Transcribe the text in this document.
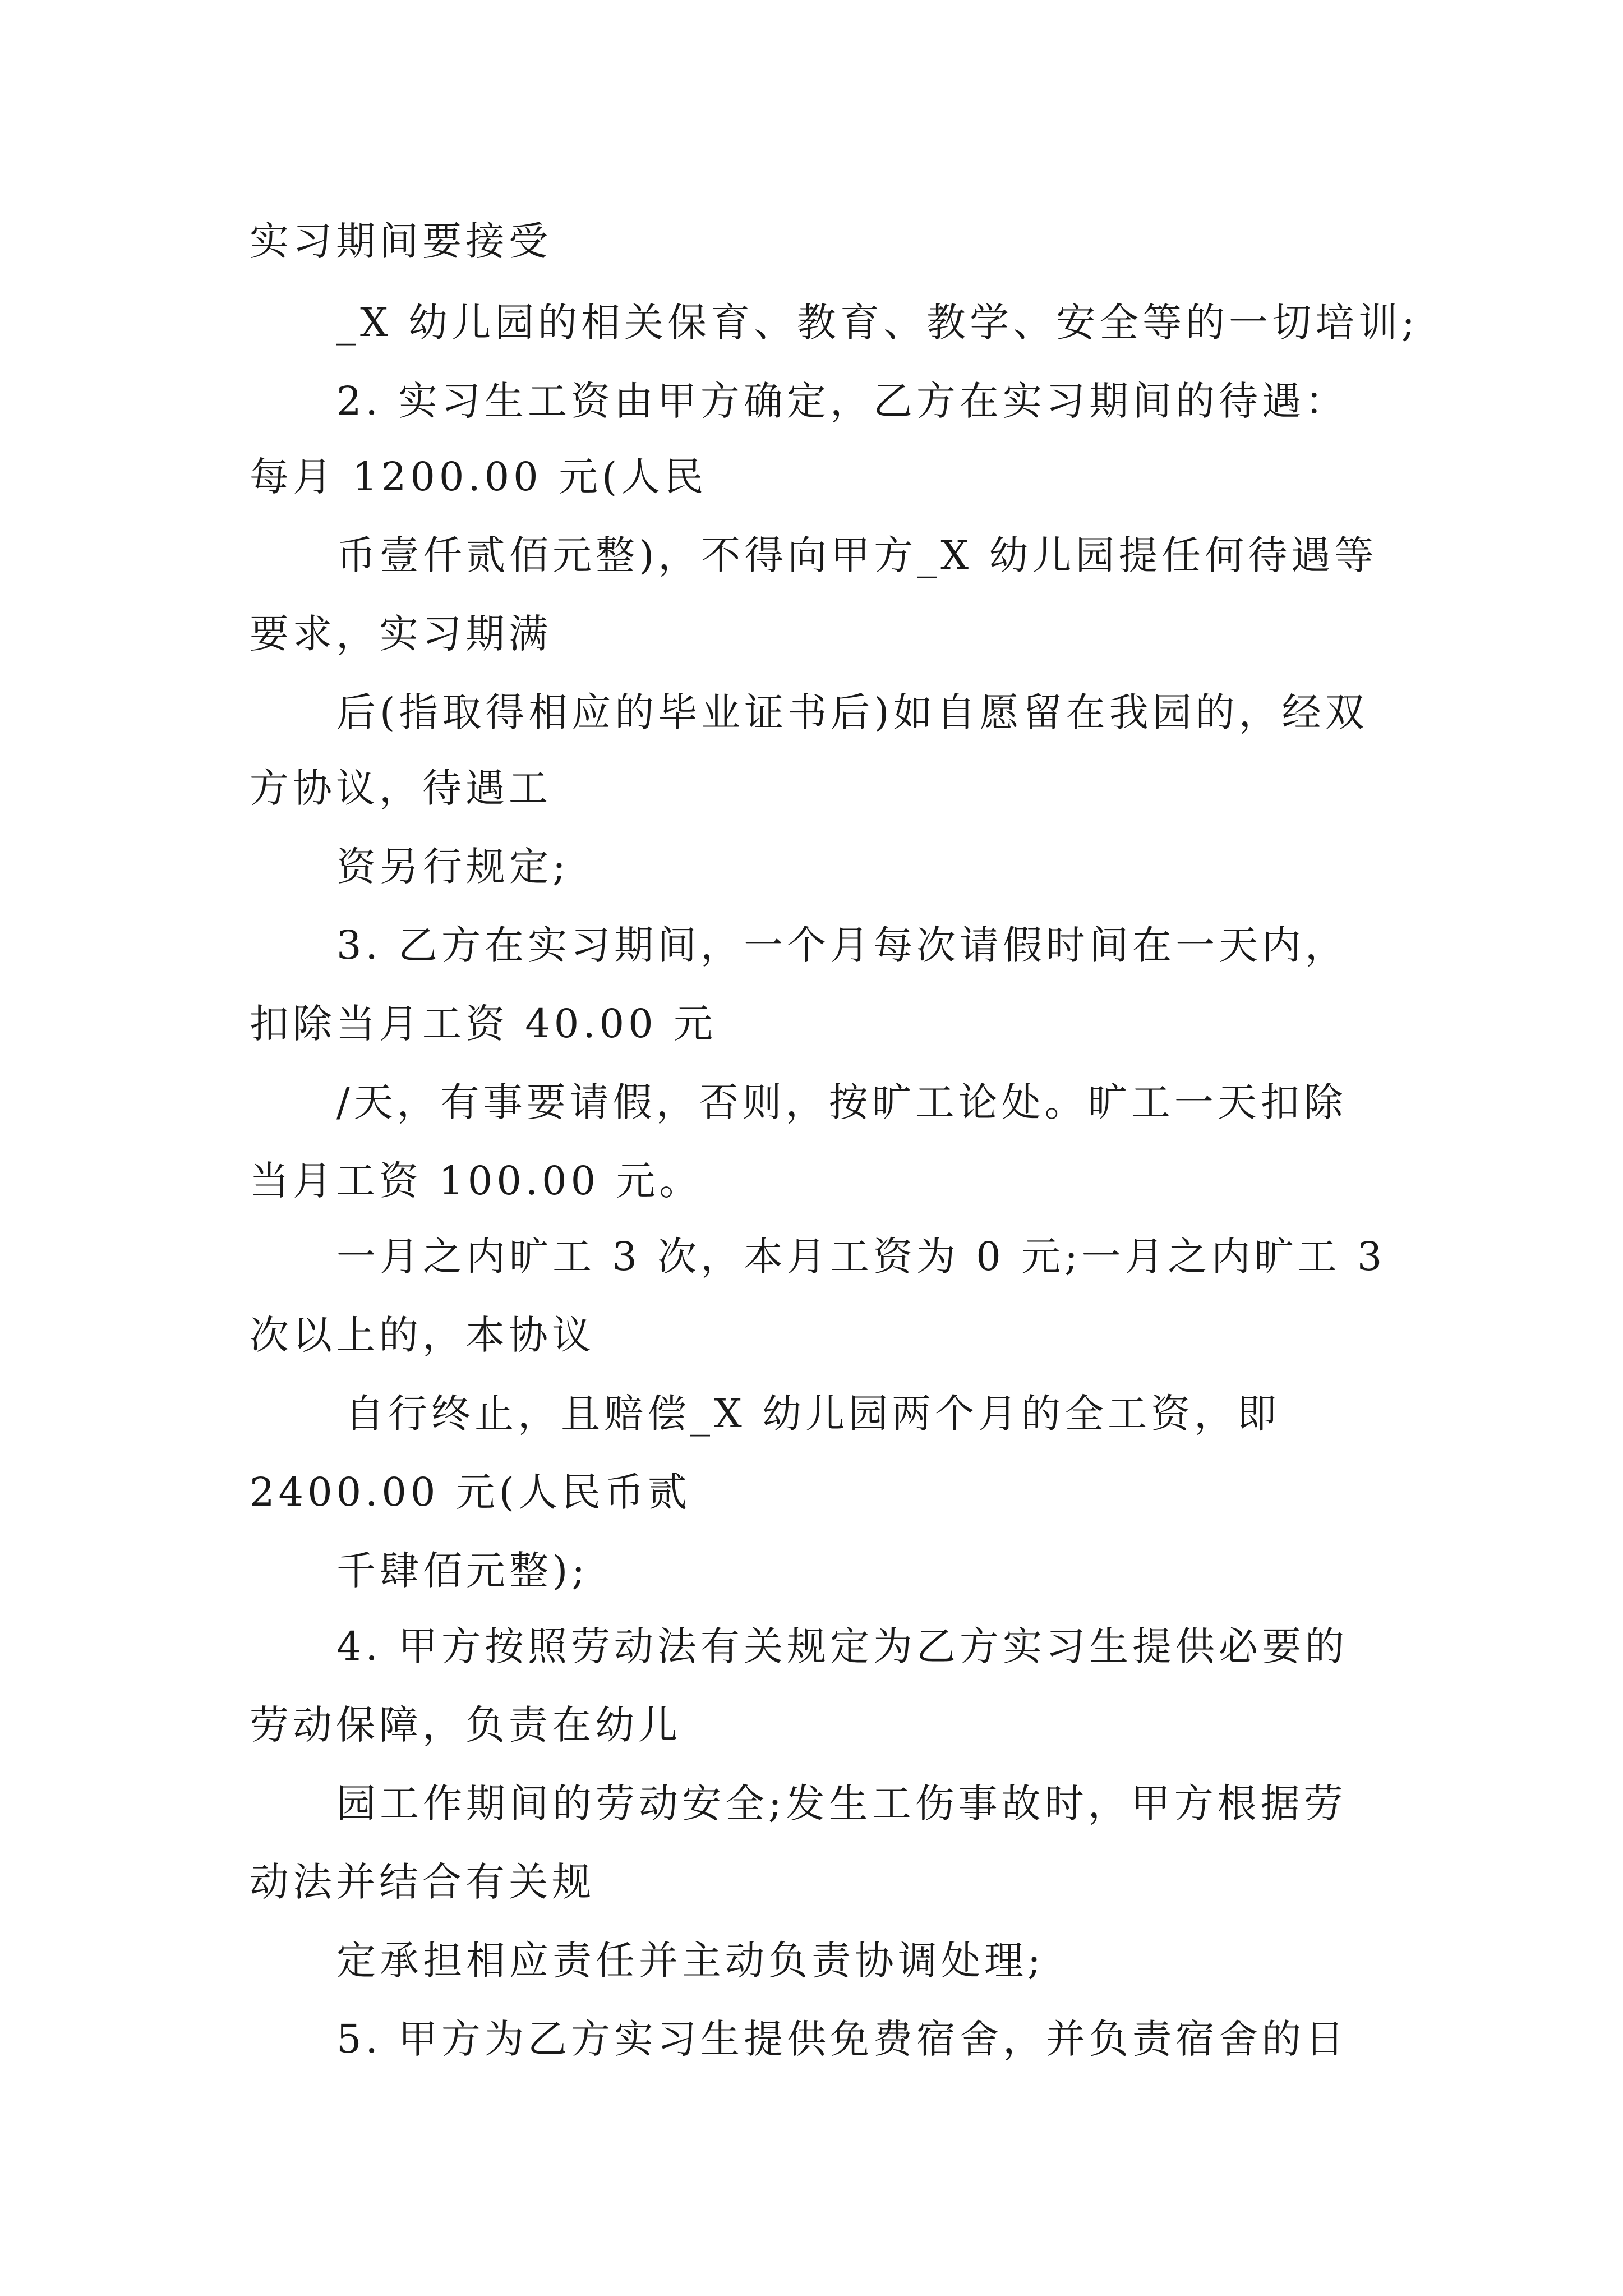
实习期间要接受

_X 幼儿园的相关保育、教育、教学、安全等的一切培训;

2. 实习生工资由甲方确定，乙方在实习期间的待遇：

每月 1200.00 元(人民

币壹仟贰佰元整)，不得向甲方_X 幼儿园提任何待遇等

要求，实习期满

后(指取得相应的毕业证书后)如自愿留在我园的，经双

方协议，待遇工

资另行规定;

3. 乙方在实习期间，一个月每次请假时间在一天内，

扣除当月工资 40.00 元

/天，有事要请假，否则，按旷工论处。旷工一天扣除

当月工资 100.00 元。

一月之内旷工 3 次，本月工资为 0 元;一月之内旷工 3

次以上的，本协议

自行终止，且赔偿_X 幼儿园两个月的全工资，即

2400.00 元(人民币贰

千肆佰元整);

4. 甲方按照劳动法有关规定为乙方实习生提供必要的

劳动保障，负责在幼儿

园工作期间的劳动安全;发生工伤事故时，甲方根据劳

动法并结合有关规

定承担相应责任并主动负责协调处理;

5. 甲方为乙方实习生提供免费宿舍，并负责宿舍的日
